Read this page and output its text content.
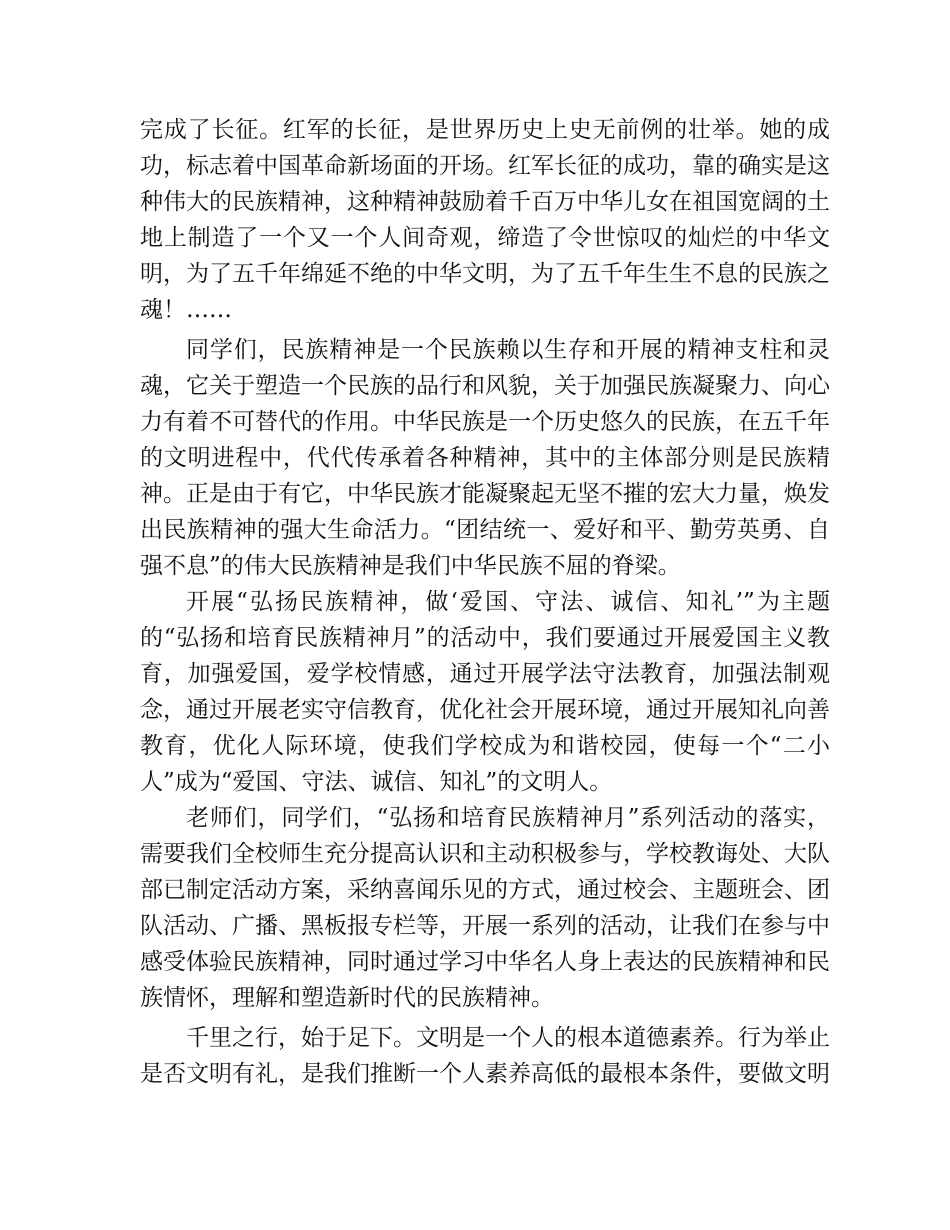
完成了长征。红军的长征，是世界历史上史无前例的壮举。她的成功，标志着中国革命新场面的开场。红军长征的成功，靠的确实是这种伟大的民族精神，这种精神鼓励着千百万中华儿女在祖国宽阔的土地上制造了一个又一个人间奇观，缔造了令世惊叹的灿烂的中华文明，为了五千年绵延不绝的中华文明，为了五千年生生不息的民族之魂！……

同学们，民族精神是一个民族赖以生存和开展的精神支柱和灵魂，它关于塑造一个民族的品行和风貌，关于加强民族凝聚力、向心力有着不可替代的作用。中华民族是一个历史悠久的民族，在五千年的文明进程中，代代传承着各种精神，其中的主体部分则是民族精神。正是由于有它，中华民族才能凝聚起无坚不摧的宏大力量，焕发出民族精神的强大生命活力。“团结统一、爱好和平、勤劳英勇、自强不息”的伟大民族精神是我们中华民族不屈的脊梁。

开展“弘扬民族精神，做‘爱国、守法、诚信、知礼’”为主题的“弘扬和培育民族精神月”的活动中，我们要通过开展爱国主义教育，加强爱国，爱学校情感，通过开展学法守法教育，加强法制观念，通过开展老实守信教育，优化社会开展环境，通过开展知礼向善教育，优化人际环境，使我们学校成为和谐校园，使每一个“二小人”成为“爱国、守法、诚信、知礼”的文明人。

老师们，同学们，“弘扬和培育民族精神月”系列活动的落实，需要我们全校师生充分提高认识和主动积极参与，学校教诲处、大队部已制定活动方案，采纳喜闻乐见的方式，通过校会、主题班会、团队活动、广播、黑板报专栏等，开展一系列的活动，让我们在参与中感受体验民族精神，同时通过学习中华名人身上表达的民族精神和民族情怀，理解和塑造新时代的民族精神。

千里之行，始于足下。文明是一个人的根本道德素养。行为举止是否文明有礼，是我们推断一个人素养高低的最根本条件，要做文明
